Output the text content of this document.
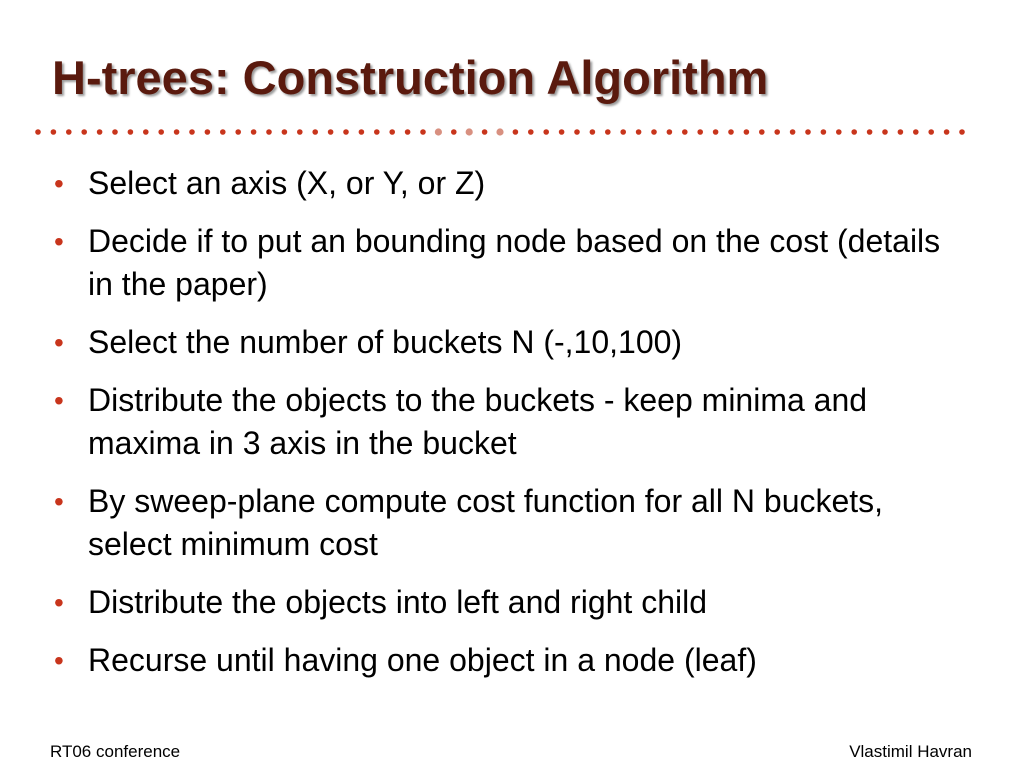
H-trees: Construction Algorithm
• Select an axis (X, or Y, or Z)
• Decide if to put an bounding node based on the cost (details in the paper)
• Select the number of buckets N (-,10,100)
• Distribute the objects to the buckets - keep minima and maxima in 3 axis in the bucket
• By sweep-plane compute cost function for all N buckets, select minimum cost
• Distribute the objects into left and right child
• Recurse until having one object in a node (leaf)
RT06 conference	Vlastimil Havran
